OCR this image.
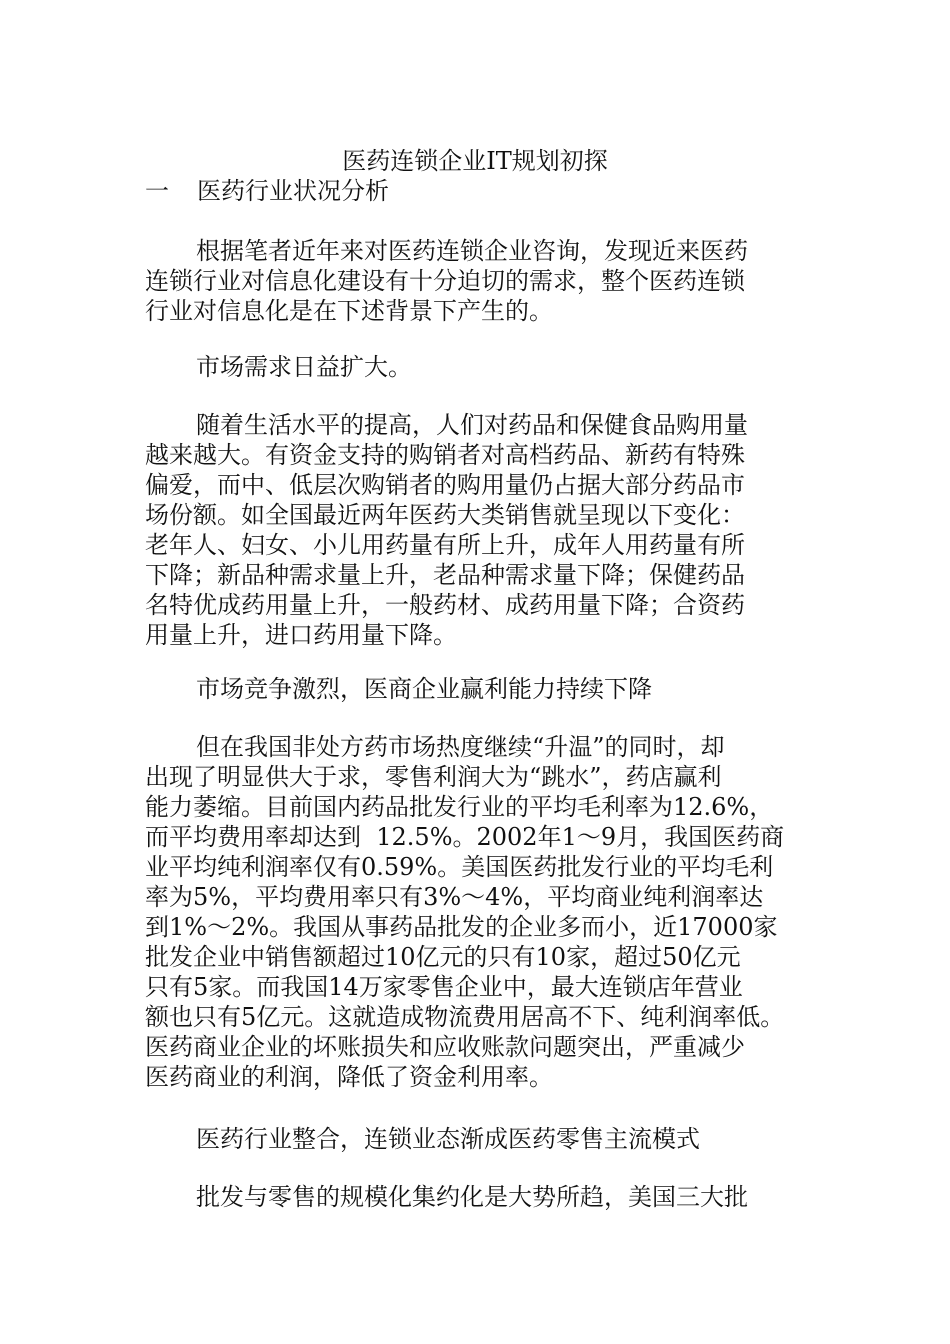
医药连锁企业IT规划初探
一 医药行业状况分析
根据笔者近年来对医药连锁企业咨询，发现近来医药
连锁行业对信息化建设有十分迫切的需求，整个医药连锁
行业对信息化是在下述背景下产生的。
市场需求日益扩大。
随着生活水平的提高，人们对药品和保健食品购用量
越来越大。有资金支持的购销者对高档药品、新药有特殊
偏爱，而中、低层次购销者的购用量仍占据大部分药品市
场份额。如全国最近两年医药大类销售就呈现以下变化：
老年人、妇女、小儿用药量有所上升，成年人用药量有所
下降；新品种需求量上升，老品种需求量下降；保健药品
名特优成药用量上升，一般药材、成药用量下降；合资药
用量上升，进口药用量下降。
市场竞争激烈，医商企业赢利能力持续下降
但在我国非处方药市场热度继续“升温”的同时，却
出现了明显供大于求，零售利润大为“跳水”，药店赢利
能力萎缩。目前国内药品批发行业的平均毛利率为12.6%，
而平均费用率却达到  12.5%。2002年1～9月，我国医药商
业平均纯利润率仅有0.59%。美国医药批发行业的平均毛利
率为5%，平均费用率只有3%～4%，平均商业纯利润率达
到1%～2%。我国从事药品批发的企业多而小，近17000家
批发企业中销售额超过10亿元的只有10家，超过50亿元
只有5家。而我国14万家零售企业中，最大连锁店年营业
额也只有5亿元。这就造成物流费用居高不下、纯利润率低。
医药商业企业的坏账损失和应收账款问题突出，严重减少
医药商业的利润，降低了资金利用率。
医药行业整合，连锁业态渐成医药零售主流模式
批发与零售的规模化集约化是大势所趋，美国三大批
